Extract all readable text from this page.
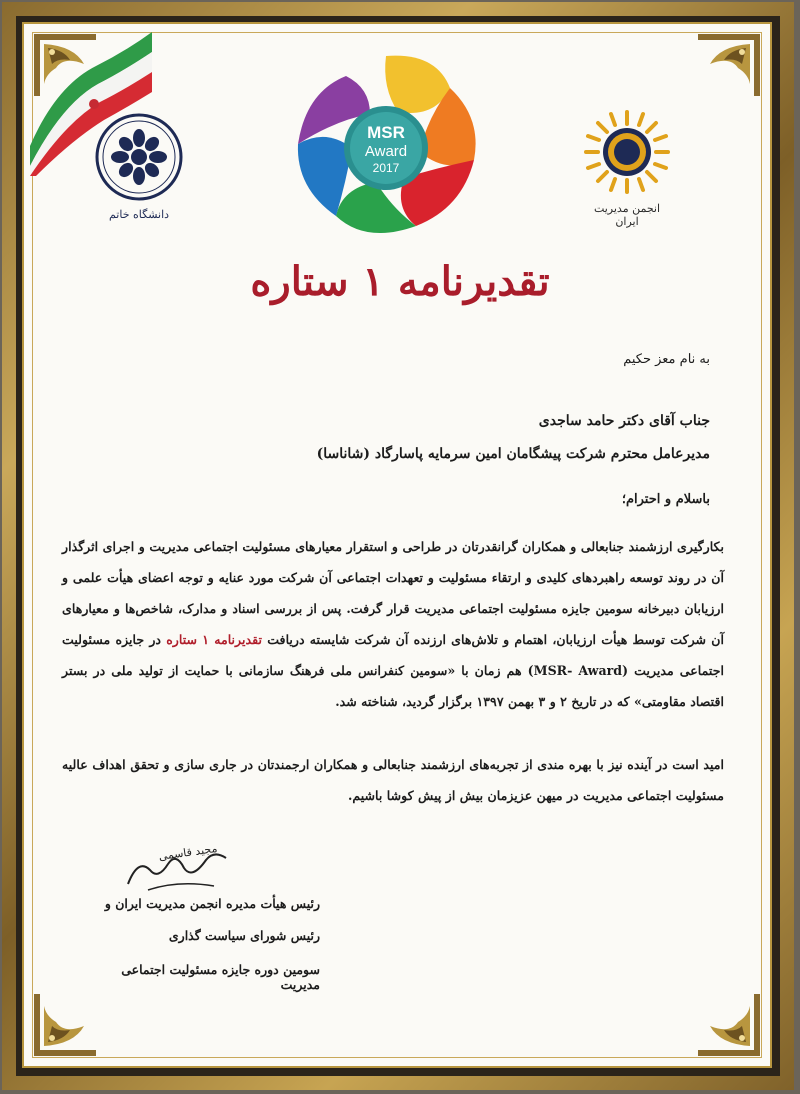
دانشگاه خاتم
MSR
Award
2017
انجمن مدیریت ایران
تقدیرنامه ۱ ستاره
به نام معز حکیم
جناب آقای دکتر حامد ساجدی
مدیرعامل محترم شرکت پیشگامان امین سرمایه پاسارگاد (شاناسا)
باسلام و احترام؛
بکارگیری ارزشمند جنابعالی و همکاران گرانقدرتان در طراحی و استقرار معیارهای مسئولیت اجتماعی مدیریت و اجرای اثرگذار آن در روند توسعه راهبردهای کلیدی و ارتقاء مسئولیت و تعهدات اجتماعی آن شرکت مورد عنایه و توجه اعضای هیأت علمی و ارزیابان دبیرخانه سومین جایزه مسئولیت اجتماعی مدیریت قرار گرفت. پس از بررسی اسناد و مدارک، شاخص‌ها و معیارهای آن شرکت توسط هیأت ارزیابان، اهتمام و تلاش‌های ارزنده آن شرکت شایسته دریافت تقدیرنامه ۱ ستاره در جایزه مسئولیت اجتماعی مدیریت (MSR- Award) هم زمان با «سومین کنفرانس ملی فرهنگ سازمانی با حمایت از تولید ملی در بستر اقتصاد مقاومتی» که در تاریخ ۲ و ۳ بهمن ۱۳۹۷ برگزار گردید، شناخته شد.
امید است در آینده نیز با بهره مندی از تجربه‌های ارزشمند جنابعالی و همکاران ارجمندتان در جاری سازی و تحقق اهداف عالیه مسئولیت اجتماعی مدیریت در میهن عزیزمان بیش از پیش کوشا باشیم.
مجید قاسمی
رئیس هیأت مدیره انجمن مدیریت ایران و
رئیس شورای سیاست گذاری
سومین دوره جایزه مسئولیت اجتماعی مدیریت
